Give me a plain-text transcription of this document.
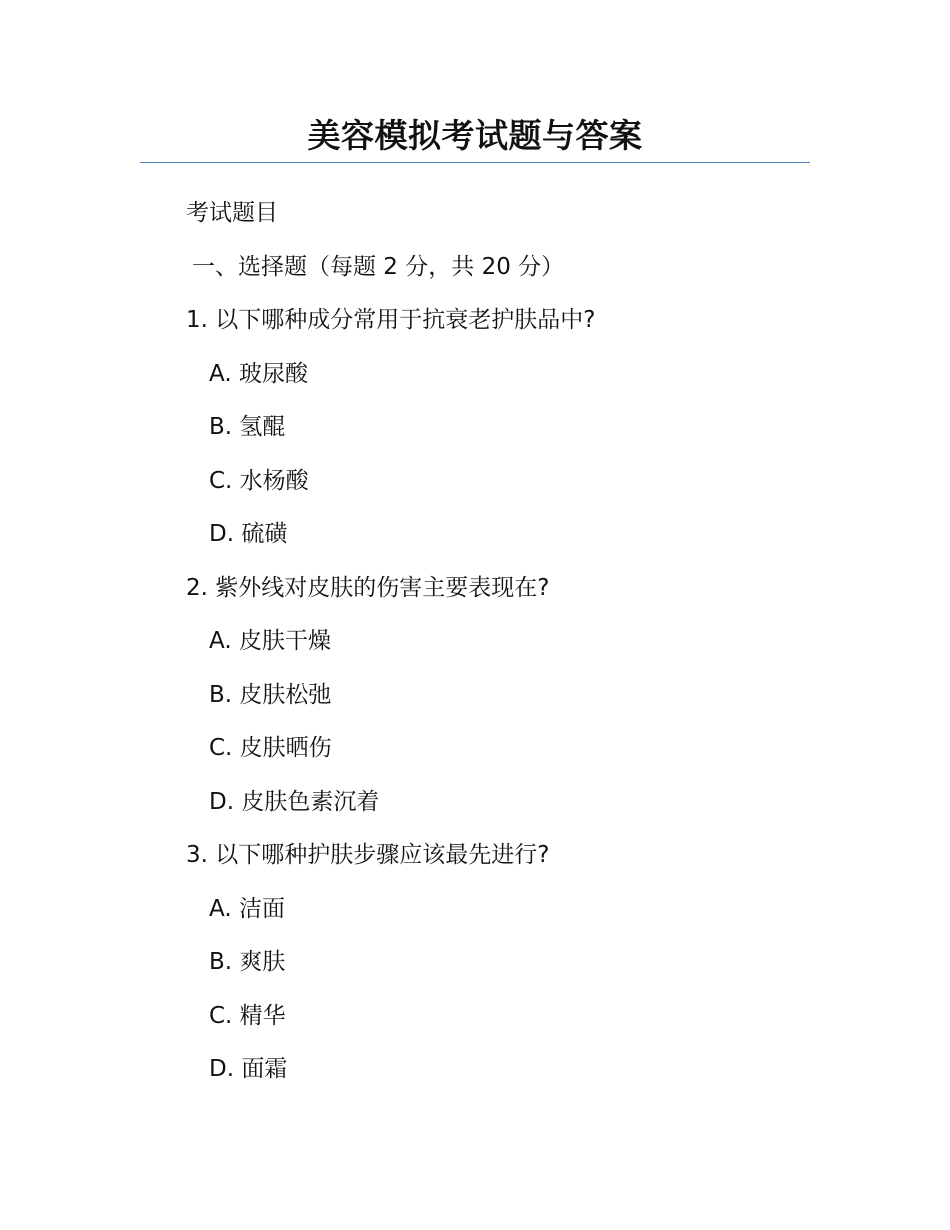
美容模拟考试题与答案
考试题目
一、选择题（每题 2 分，共 20 分）
1. 以下哪种成分常用于抗衰老护肤品中?
A. 玻尿酸
B. 氢醌
C. 水杨酸
D. 硫磺
2. 紫外线对皮肤的伤害主要表现在?
A. 皮肤干燥
B. 皮肤松弛
C. 皮肤晒伤
D. 皮肤色素沉着
3. 以下哪种护肤步骤应该最先进行?
A. 洁面
B. 爽肤
C. 精华
D. 面霜
